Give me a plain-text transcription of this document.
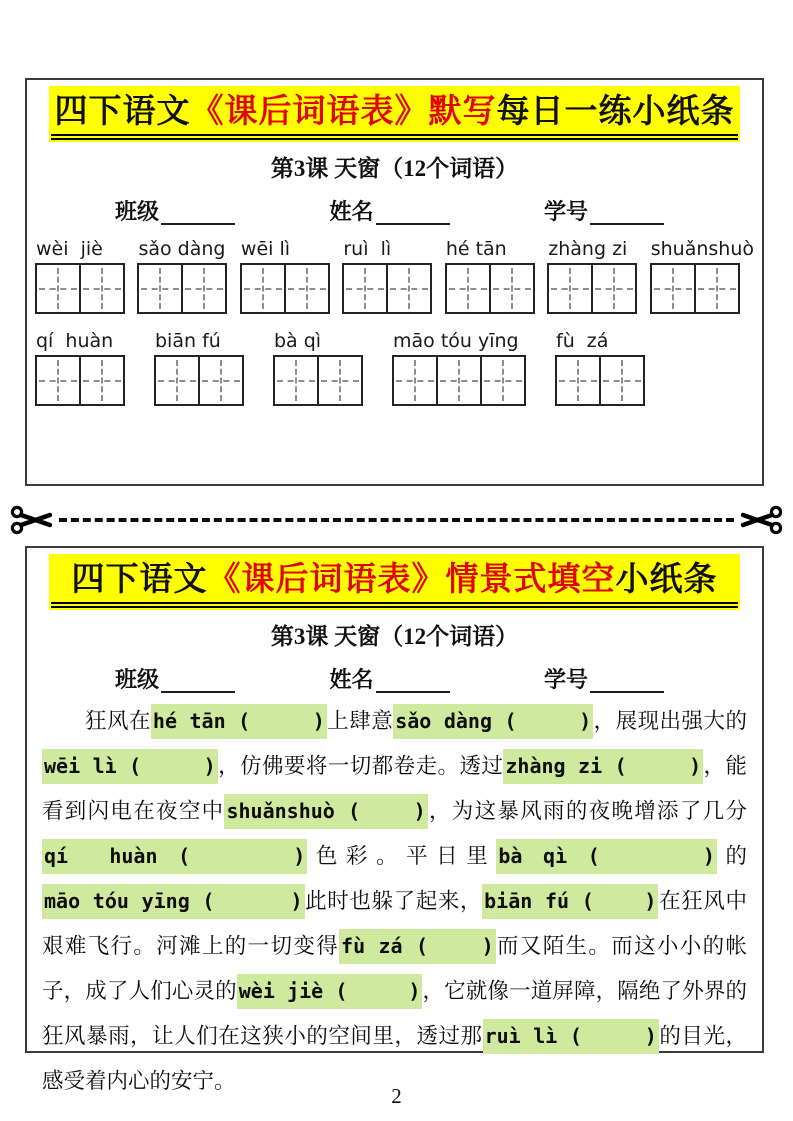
四下语文《课后词语表》默写每日一练小纸条
第3课 天窗（12个词语）
班级	姓名	学号
wèi  jiè	sǎo dàng wēi lì	ruì  lì	hé tān	zhàng zi	shuǎnshuò
qí  huàn	biān fú	bà qì	māo tóu yīng	fù  zá
四下语文《课后词语表》情景式填空小纸条
第3课 天窗（12个词语）
班级	姓名	学号
狂风在 hé tān (     )上肆意 sǎo dàng (     )，展现出强大的wēi lì (     )，仿佛要将一切都卷走。透过 zhàng zi (     )，能看到闪电在夜空中 shuǎnshuò (    )，为这暴风雨的夜晚增添了几分qí  huàn (     )色彩。平日里 bà qì (     )的māo tóu yīng (      )此时也躲了起来， biān fú (    )在狂风中艰难飞行。河滩上的一切变得 fù zá (    )而又陌生。而这小小的帐子，成了人们心灵的 wèi jiè (     )，它就像一道屏障，隔绝了外界的狂风暴雨，让人们在这狭小的空间里，透过那 ruì lì (     )的目光，感受着内心的安宁。
2
